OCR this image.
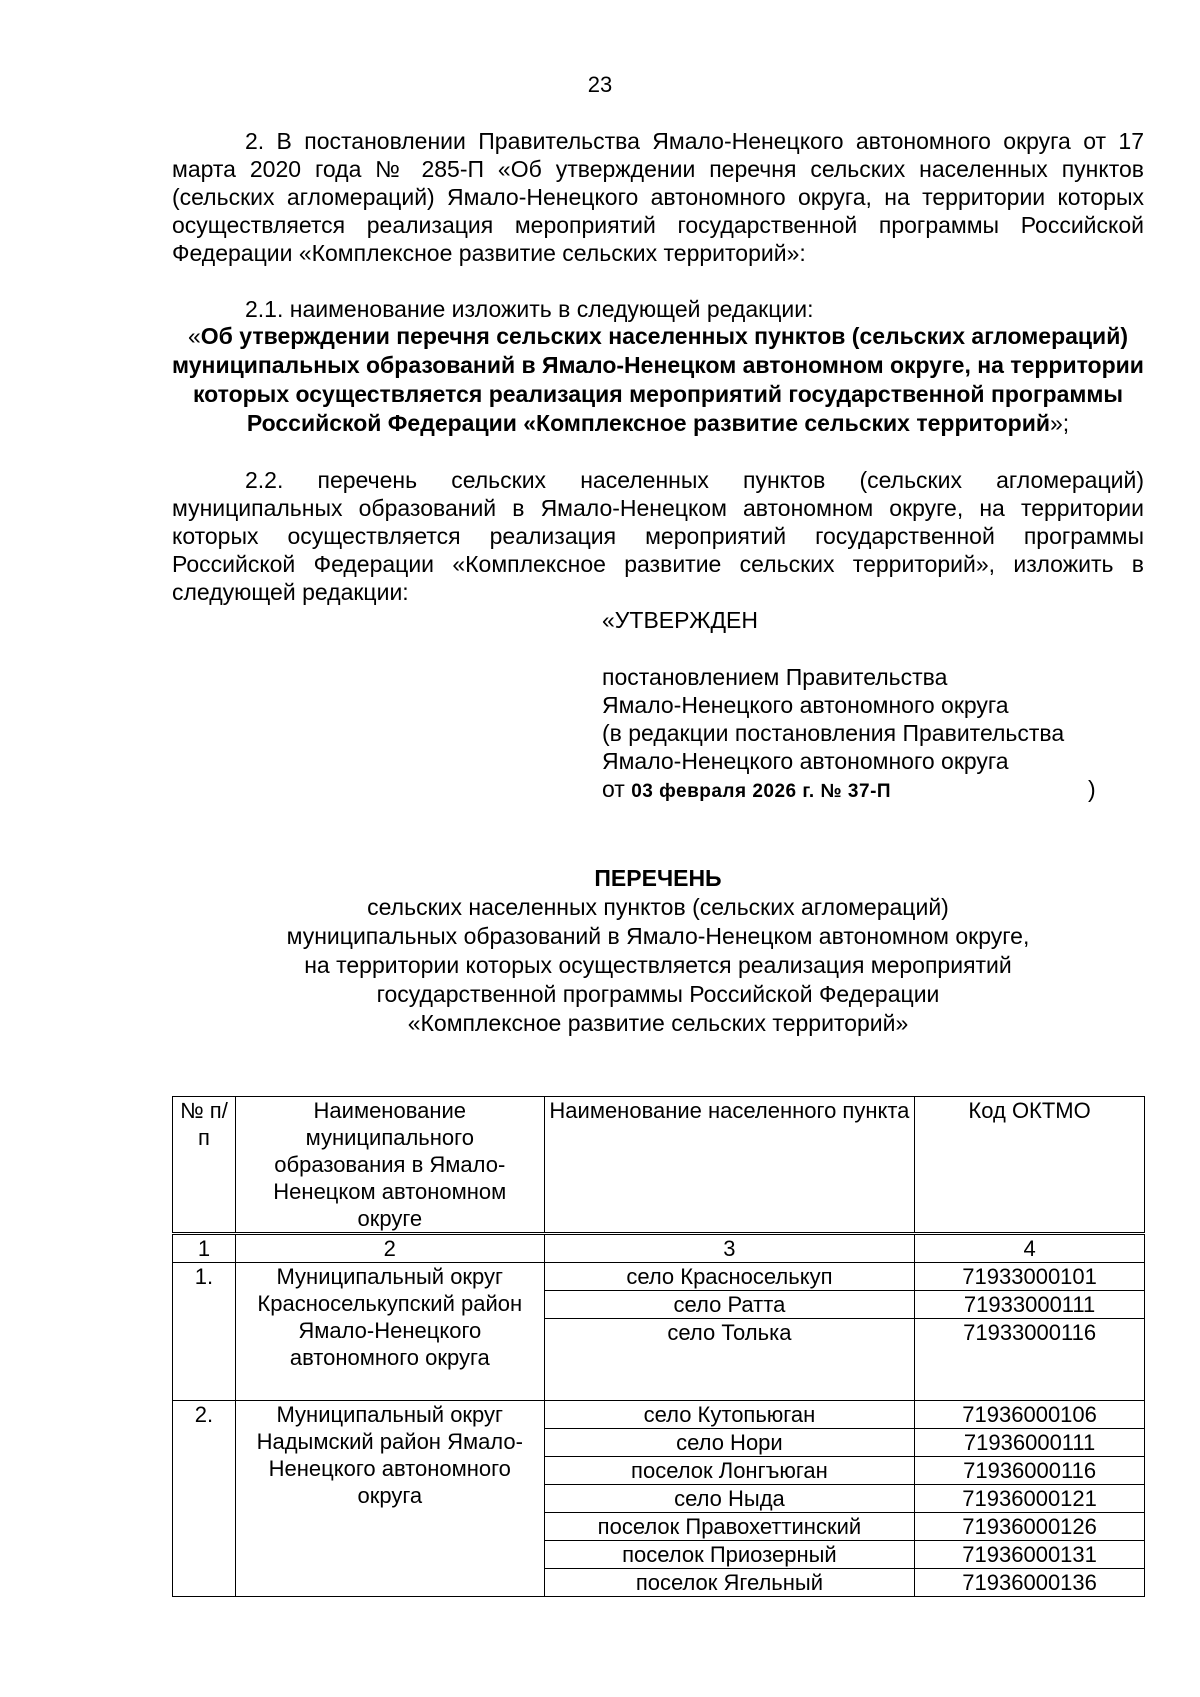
23
2. В постановлении Правительства Ямало-Ненецкого автономного округа от 17 марта 2020 года № 285-П «Об утверждении перечня сельских населенных пунктов (сельских агломераций) Ямало-Ненецкого автономного округа, на территории которых осуществляется реализация мероприятий государственной программы Российской Федерации «Комплексное развитие сельских территорий»:
2.1. наименование изложить в следующей редакции:
«Об утверждении перечня сельских населенных пунктов (сельских агломераций) муниципальных образований в Ямало-Ненецком автономном округе, на территории которых осуществляется реализация мероприятий государственной программы Российской Федерации «Комплексное развитие сельских территорий»;
2.2. перечень сельских населенных пунктов (сельских агломераций) муниципальных образований в Ямало-Ненецком автономном округе, на территории которых осуществляется реализация мероприятий государственной программы Российской Федерации «Комплексное развитие сельских территорий», изложить в следующей редакции:
«УТВЕРЖДЕН
постановлением Правительства
Ямало-Ненецкого автономного округа
(в редакции постановления Правительства
Ямало-Ненецкого автономного округа
от 03 февраля 2026 г. № 37-П	)
ПЕРЕЧЕНЬ
сельских населенных пунктов (сельских агломераций)
муниципальных образований в Ямало-Ненецком автономном округе,
на территории которых осуществляется реализация мероприятий
государственной программы Российской Федерации
«Комплексное развитие сельских территорий»
№ п/п	Наименование муниципального образования в Ямало-Ненецком автономном округе	Наименование населенного пункта	Код ОКТМО
1	2	3	4
1.	Муниципальный округ Красноселькупский район Ямало-Ненецкого автономного округа	село Красноселькуп	71933000101
		село Ратта	71933000111
		село Толька	71933000116
2.	Муниципальный округ Надымский район Ямало-Ненецкого автономного округа	село Кутопьюган	71936000106
		село Нори	71936000111
		поселок Лонгъюган	71936000116
		село Ныда	71936000121
		поселок Правохеттинский	71936000126
		поселок Приозерный	71936000131
		поселок Ягельный	71936000136
